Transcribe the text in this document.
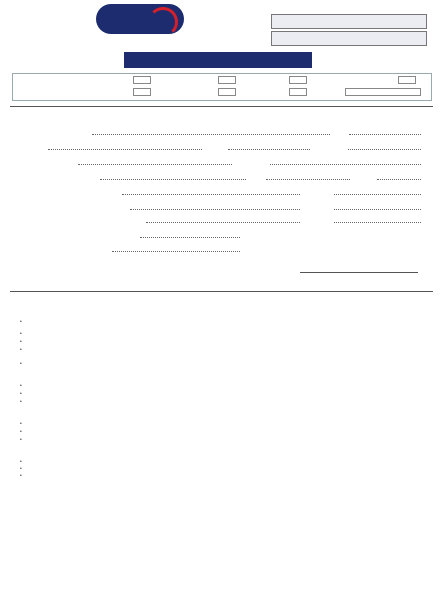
•
•
•
•
•
•
•
•
•
•
•
•
•
•
